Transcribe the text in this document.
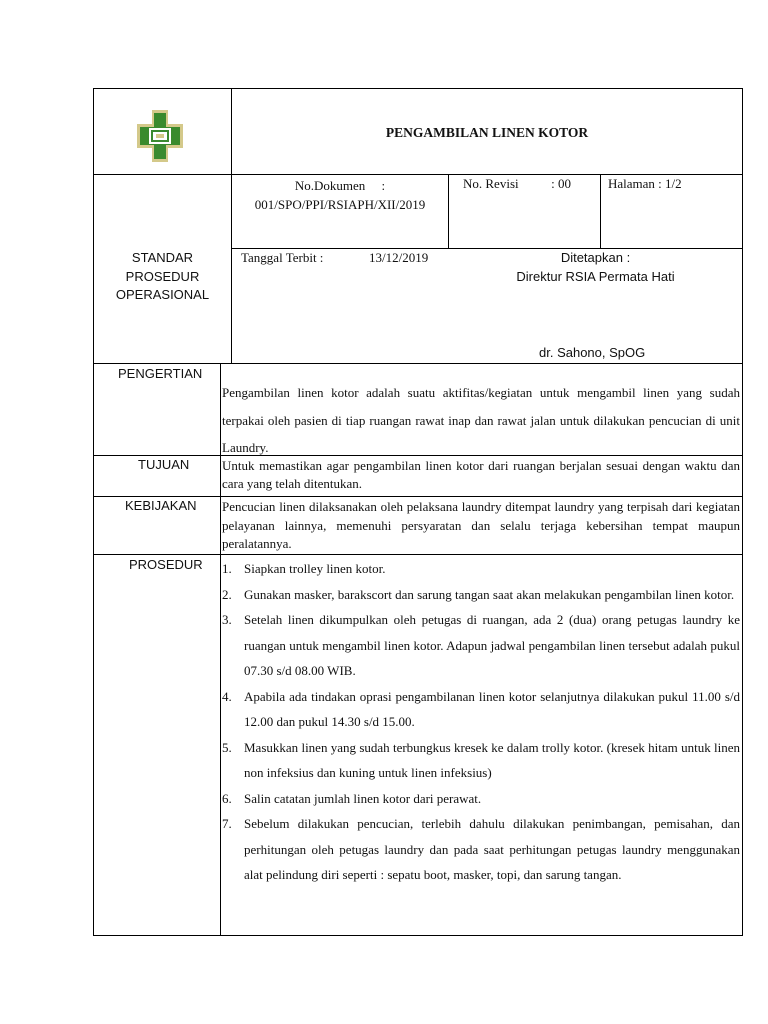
PENGAMBILAN LINEN KOTOR
STANDAR
PROSEDUR
OPERASIONAL
No.Dokumen     :
001/SPO/PPI/RSIAPH/XII/2019
No. Revisi          : 00	Halaman : 1/2
Tanggal Terbit :	13/12/2019	Ditetapkan :
Direktur RSIA Permata Hati
dr. Sahono, SpOG
PENGERTIAN
Pengambilan linen kotor adalah suatu aktifitas/kegiatan untuk mengambil linen yang sudah terpakai oleh pasien di tiap ruangan rawat inap dan rawat jalan untuk dilakukan pencucian di unit Laundry.
TUJUAN	Untuk memastikan agar pengambilan linen kotor dari ruangan berjalan sesuai dengan waktu dan cara yang telah ditentukan.
KEBIJAKAN Pencucian linen dilaksanakan oleh pelaksana laundry ditempat laundry yang terpisah dari kegiatan pelayanan lainnya, memenuhi persyaratan dan selalu terjaga kebersihan tempat maupun peralatannya.
PROSEDUR 1. Siapkan trolley linen kotor.
2. Gunakan masker, barakscort dan sarung tangan saat akan melakukan pengambilan linen kotor.
3. Setelah linen dikumpulkan oleh petugas di ruangan, ada 2 (dua) orang petugas laundry ke ruangan untuk mengambil linen kotor. Adapun jadwal pengambilan linen tersebut adalah pukul 07.30 s/d 08.00 WIB.
4. Apabila ada tindakan oprasi pengambilanan linen kotor selanjutnya dilakukan pukul 11.00 s/d 12.00 dan pukul 14.30 s/d 15.00.
5. Masukkan linen yang sudah terbungkus kresek ke dalam trolly kotor. (kresek hitam untuk linen non infeksius dan kuning untuk linen infeksius)
6. Salin catatan jumlah linen kotor dari perawat.
7. Sebelum dilakukan pencucian, terlebih dahulu dilakukan penimbangan, pemisahan, dan perhitungan oleh petugas laundry dan pada saat perhitungan petugas laundry menggunakan alat pelindung diri seperti : sepatu boot, masker, topi, dan sarung tangan.
